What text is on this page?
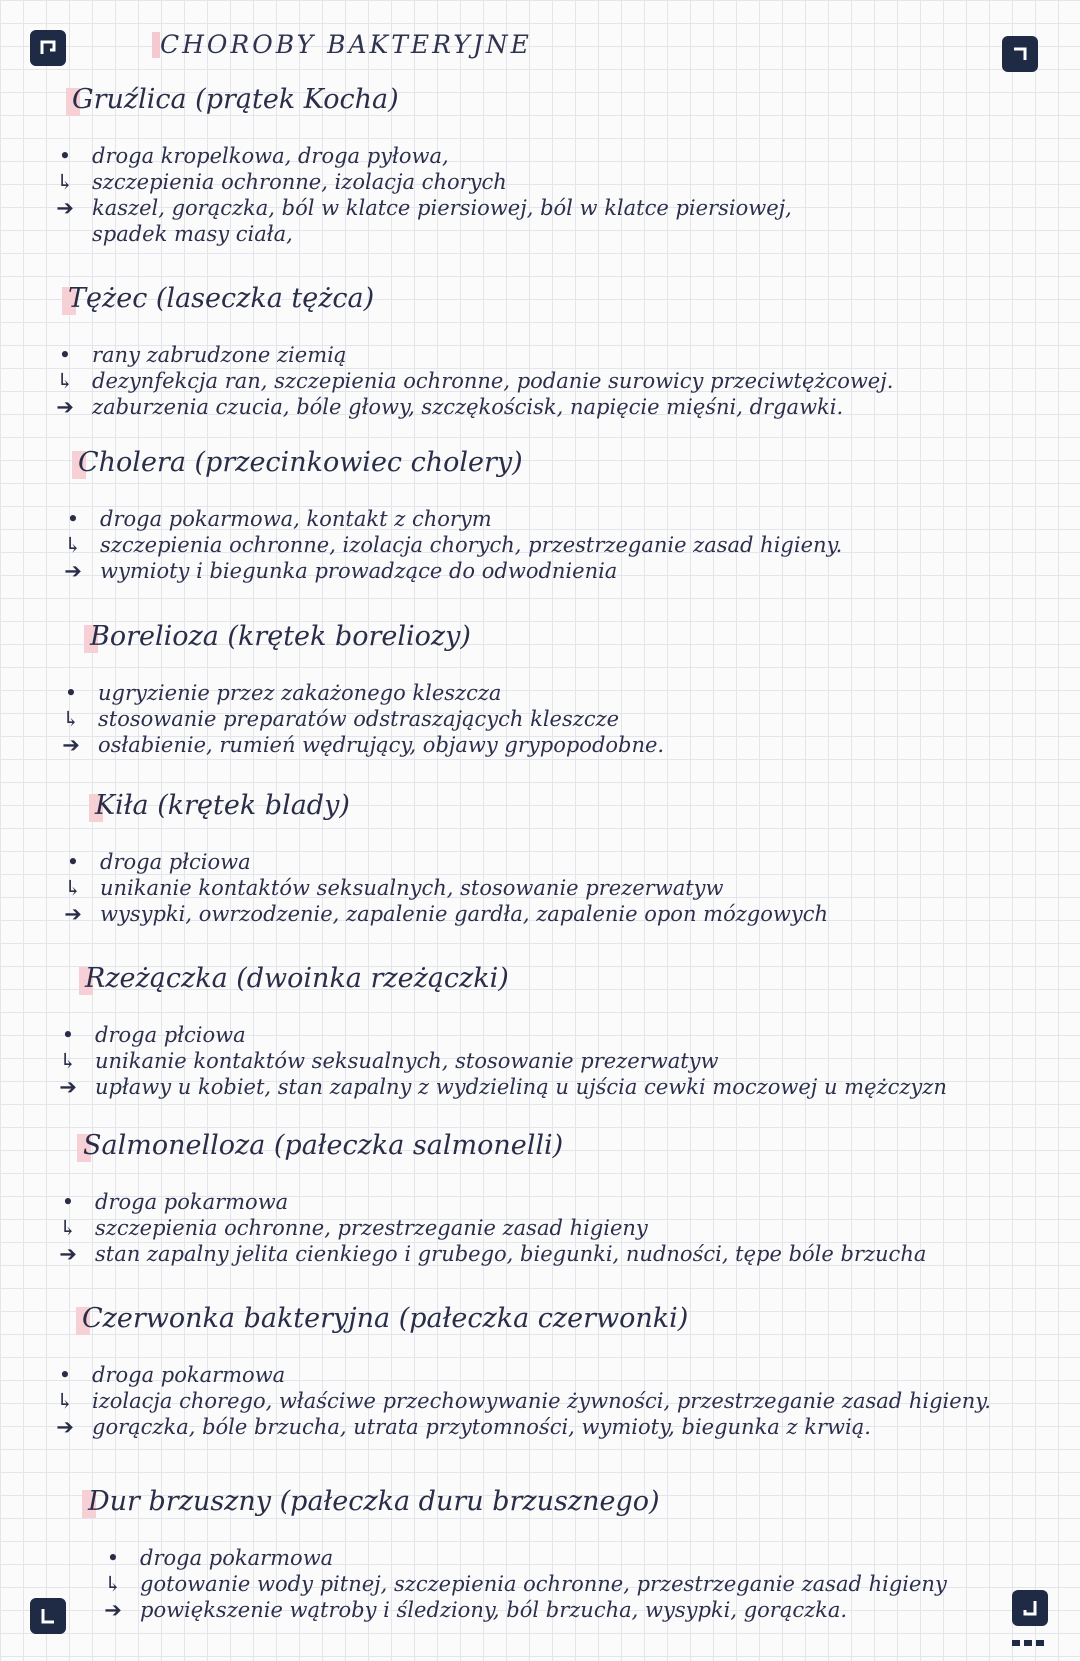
CHOROBY BAKTERYJNE
Gruźlica (prątek Kocha)
• droga kropelkowa, droga pyłowa,
↳ szczepienia ochronne, izolacja chorych
➔ kaszel, gorączka, ból w klatce piersiowej, ból w klatce piersiowej,
spadek masy ciała,
Tężec (laseczka tężca)
• rany zabrudzone ziemią
↳ dezynfekcja ran, szczepienia ochronne, podanie surowicy przeciwtężcowej.
➔ zaburzenia czucia, bóle głowy, szczękościsk, napięcie mięśni, drgawki.
Cholera (przecinkowiec cholery)
• droga pokarmowa, kontakt z chorym
↳ szczepienia ochronne, izolacja chorych, przestrzeganie zasad higieny.
➔ wymioty i biegunka prowadzące do odwodnienia
Borelioza (krętek boreliozy)
• ugryzienie przez zakażonego kleszcza
↳ stosowanie preparatów odstraszających kleszcze
➔ osłabienie, rumień wędrujący, objawy grypopodobne.
Kiła (krętek blady)
• droga płciowa
↳ unikanie kontaktów seksualnych, stosowanie prezerwatyw
➔ wysypki, owrzodzenie, zapalenie gardła, zapalenie opon mózgowych
Rzeżączka (dwoinka rzeżączki)
• droga płciowa
↳ unikanie kontaktów seksualnych, stosowanie prezerwatyw
➔ upławy u kobiet, stan zapalny z wydzieliną u ujścia cewki moczowej u mężczyzn
Salmonelloza (pałeczka salmonelli)
• droga pokarmowa
↳ szczepienia ochronne, przestrzeganie zasad higieny
➔ stan zapalny jelita cienkiego i grubego, biegunki, nudności, tępe bóle brzucha
Czerwonka bakteryjna (pałeczka czerwonki)
• droga pokarmowa
↳ izolacja chorego, właściwe przechowywanie żywności, przestrzeganie zasad higieny.
➔ gorączka, bóle brzucha, utrata przytomności, wymioty, biegunka z krwią.
Dur brzuszny (pałeczka duru brzusznego)
• droga pokarmowa
↳ gotowanie wody pitnej, szczepienia ochronne, przestrzeganie zasad higieny
➔ powiększenie wątroby i śledziony, ból brzucha, wysypki, gorączka.
